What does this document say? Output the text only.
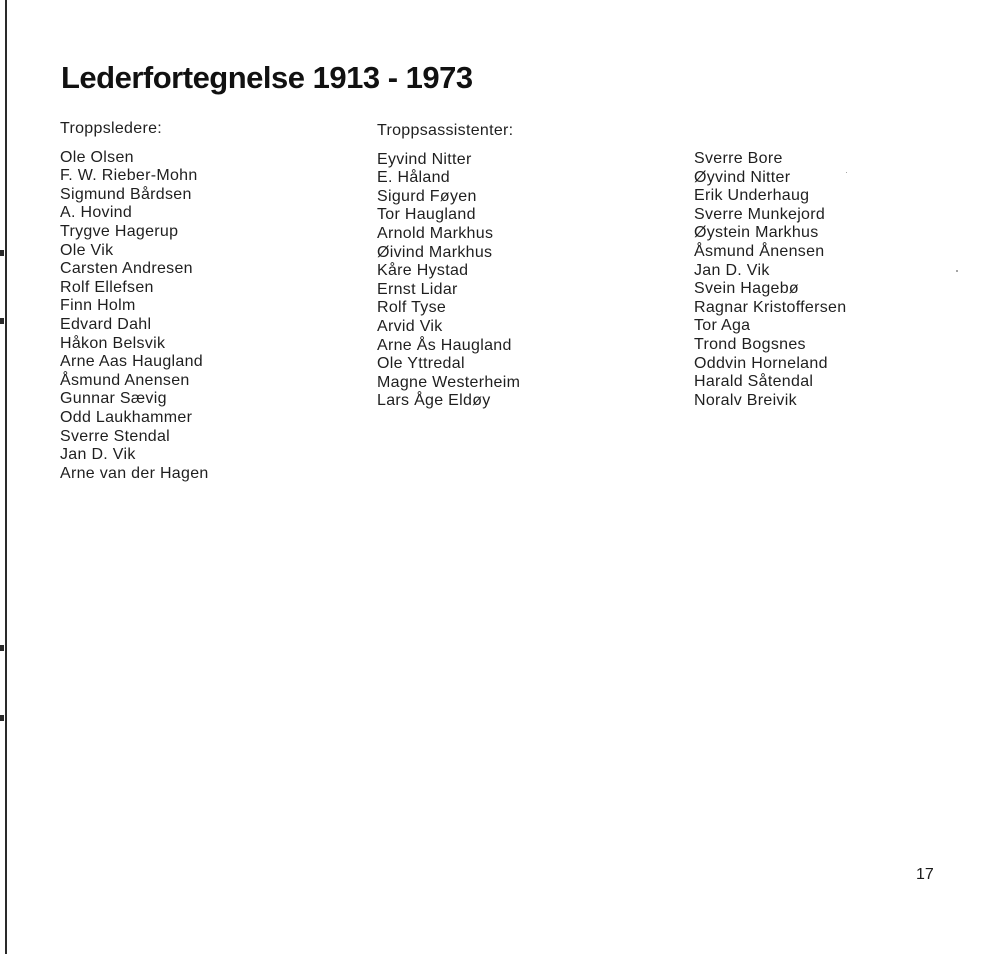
Lederfortegnelse 1913 - 1973
Troppsledere:
Ole Olsen
F. W. Rieber-Mohn
Sigmund Bårdsen
A. Hovind
Trygve Hagerup
Ole Vik
Carsten Andresen
Rolf Ellefsen
Finn Holm
Edvard Dahl
Håkon Belsvik
Arne Aas Haugland
Åsmund Anensen
Gunnar Sævig
Odd Laukhammer
Sverre Stendal
Jan D. Vik
Arne van der Hagen
Troppsassistenter:
Eyvind Nitter
E. Håland
Sigurd Føyen
Tor Haugland
Arnold Markhus
Øivind Markhus
Kåre Hystad
Ernst Lidar
Rolf Tyse
Arvid Vik
Arne Ås Haugland
Ole Yttredal
Magne Westerheim
Lars Åge Eldøy
Sverre Bore
Øyvind Nitter
Erik Underhaug
Sverre Munkejord
Øystein Markhus
Åsmund Ånensen
Jan D. Vik
Svein Hagebø
Ragnar Kristoffersen
Tor Aga
Trond Bogsnes
Oddvin Horneland
Harald Såtendal
Noralv Breivik
17
